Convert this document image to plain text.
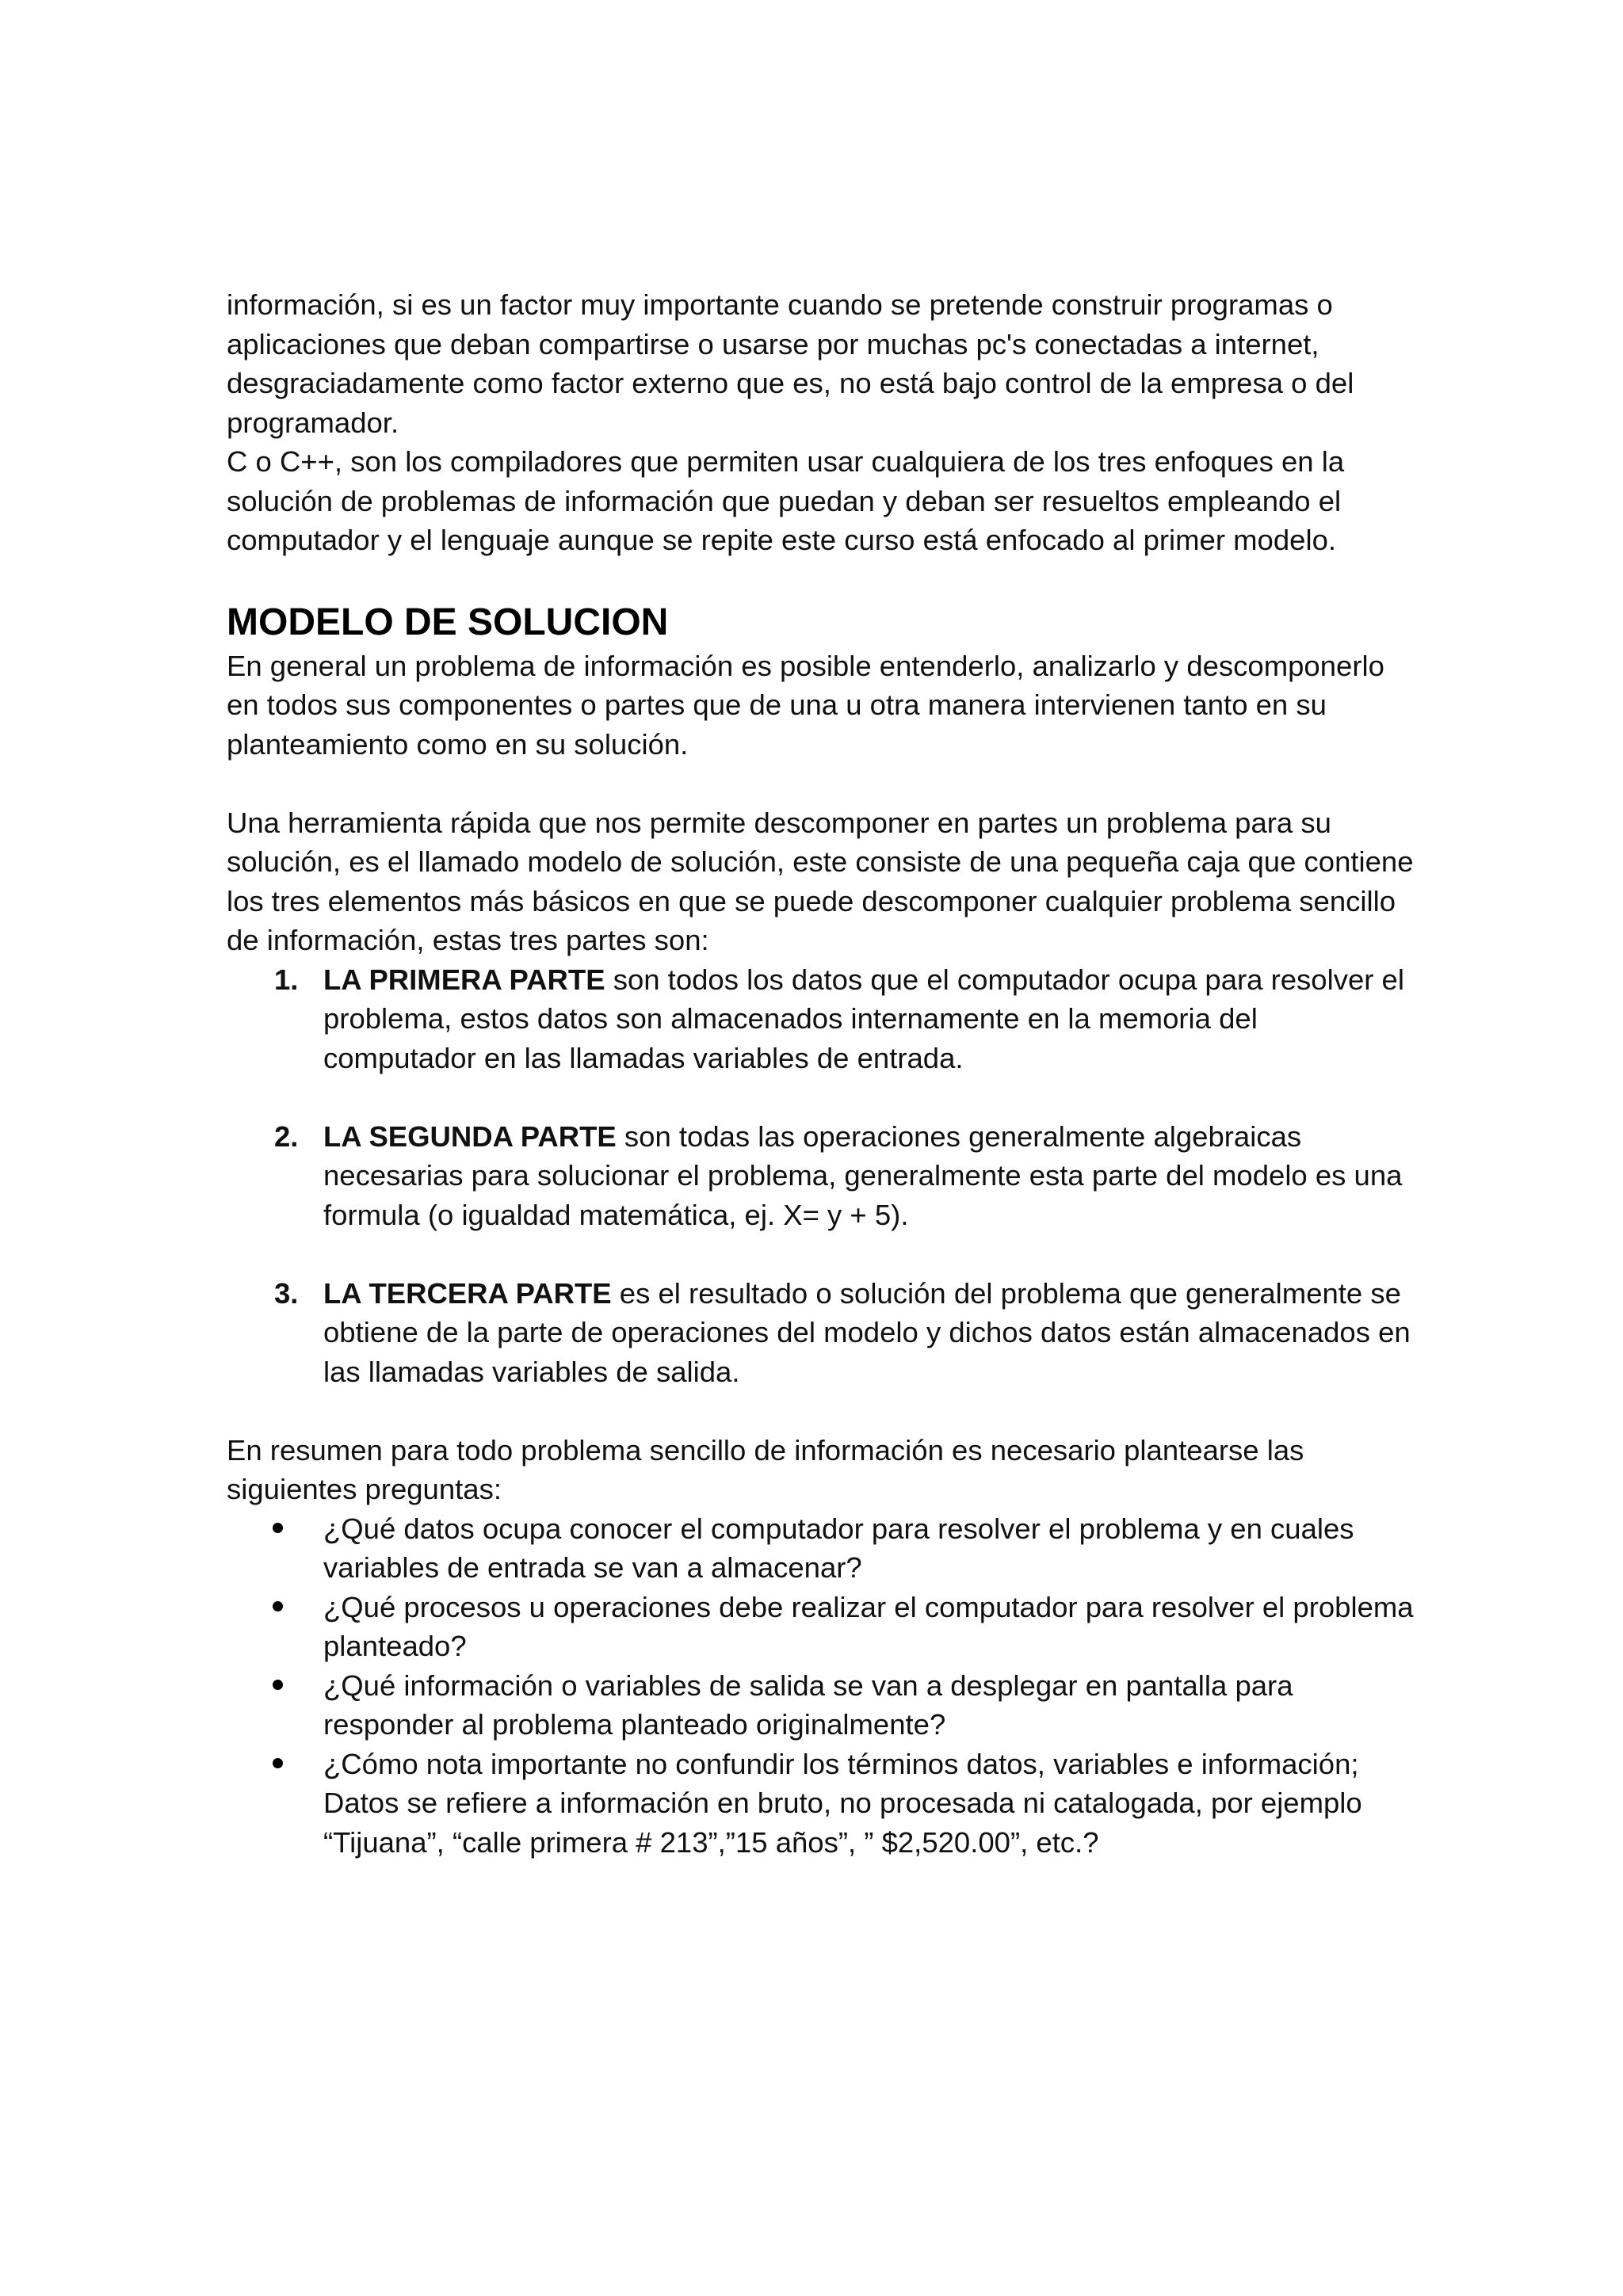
información, si es un factor muy importante cuando se pretende construir programas o aplicaciones que deban compartirse o usarse por muchas pc's conectadas a internet, desgraciadamente como factor externo que es, no está bajo control de la empresa o del programador.

C o C++, son los compiladores que permiten usar cualquiera de los tres enfoques en la solución de problemas de información que puedan y deban ser resueltos empleando el computador y el lenguaje aunque se repite este curso está enfocado al primer modelo.

MODELO DE SOLUCION

En general un problema de información es posible entenderlo, analizarlo y descomponerlo en todos sus componentes o partes que de una u otra manera intervienen tanto en su planteamiento como en su solución.

Una herramienta rápida que nos permite descomponer en partes un problema para su solución, es el llamado modelo de solución, este consiste de una pequeña caja que contiene los tres elementos más básicos en que se puede descomponer cualquier problema sencillo de información, estas tres partes son:

1. LA PRIMERA PARTE son todos los datos que el computador ocupa para resolver el problema, estos datos son almacenados internamente en la memoria del computador en las llamadas variables de entrada.
2. LA SEGUNDA PARTE son todas las operaciones generalmente algebraicas necesarias para solucionar el problema, generalmente esta parte del modelo es una formula (o igualdad matemática, ej. X= y + 5).
3. LA TERCERA PARTE es el resultado o solución del problema que generalmente se obtiene de la parte de operaciones del modelo y dichos datos están almacenados en las llamadas variables de salida.

En resumen para todo problema sencillo de información es necesario plantearse las siguientes preguntas:

¿Qué datos ocupa conocer el computador para resolver el problema y en cuales variables de entrada se van a almacenar?
¿Qué procesos u operaciones debe realizar el computador para resolver el problema planteado?
¿Qué información o variables de salida se van a desplegar en pantalla para responder al problema planteado originalmente?
¿Cómo nota importante no confundir los términos datos, variables e información; Datos se refiere a información en bruto, no procesada ni catalogada, por ejemplo “Tijuana”, “calle primera # 213”,”15 años”, ” $2,520.00”, etc.?
